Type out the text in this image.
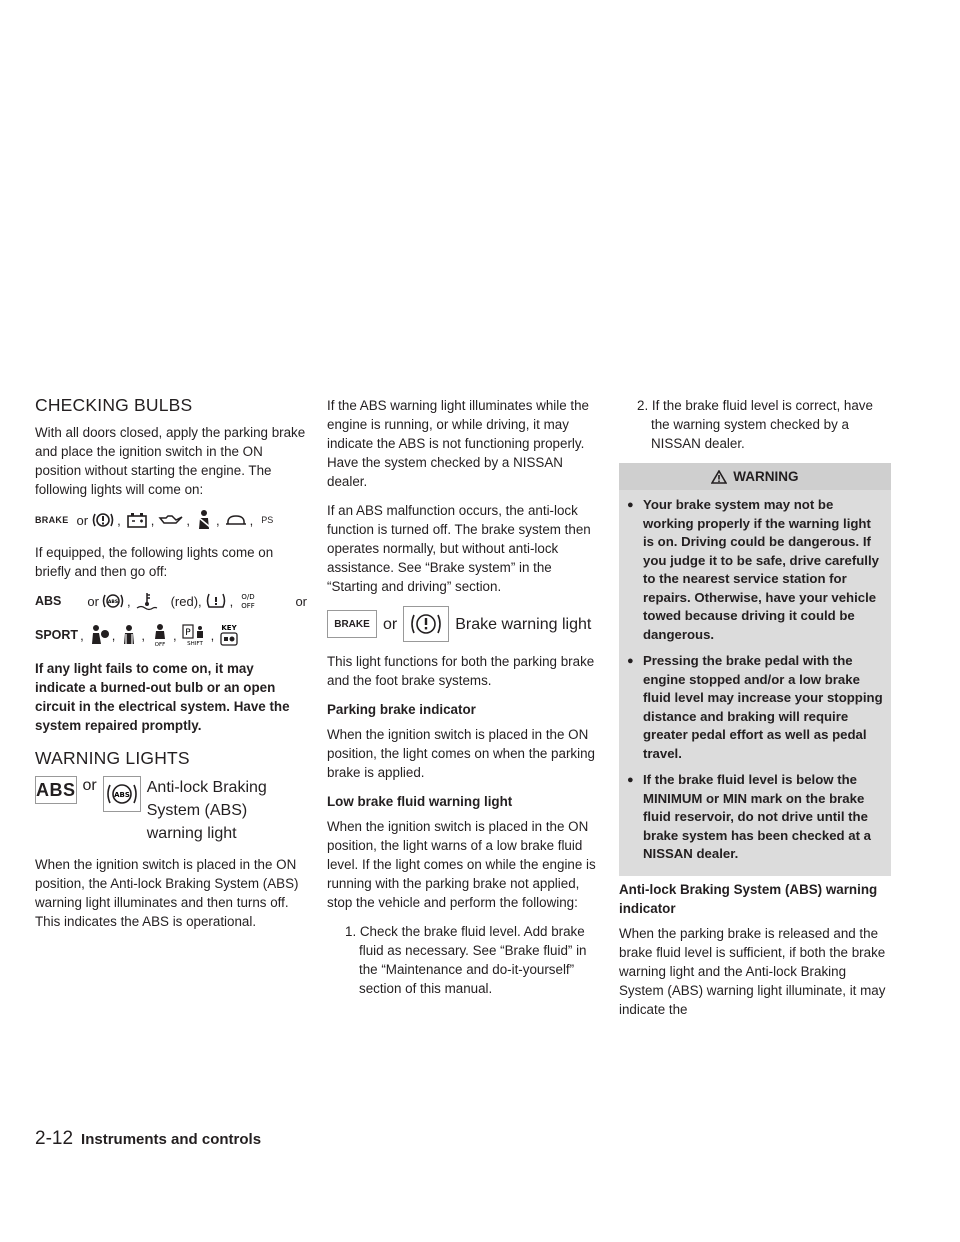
CHECKING BULBS

With all doors closed, apply the parking brake and place the ignition switch in the ON position without starting the engine. The following lights will come on:

BRAKE or , , , , , PS

If equipped, the following lights come on briefly and then go off:

ABS or ABS ,	(red), , O/D
OFF	or
SPORT , , ,
OFF
, P
SHIFT
, KEY

If any light fails to come on, it may indicate a burned-out bulb or an open circuit in the electrical system. Have the system repaired promptly.

WARNING LIGHTS
ABS or
ABS Anti-lock Braking System (ABS) warning light

When the ignition switch is placed in the ON position, the Anti-lock Braking System (ABS) warning light illuminates and then turns off. This indicates the ABS is operational.

If the ABS warning light illuminates while the engine is running, or while driving, it may indicate the ABS is not functioning properly. Have the system checked by a NISSAN dealer.

If an ABS malfunction occurs, the anti-lock function is turned off. The brake system then operates normally, but without anti-lock assistance. See “Brake system” in the “Starting and driving” section.

BRAKE or	Brake warning light

This light functions for both the parking brake and the foot brake systems.

Parking brake indicator

When the ignition switch is placed in the ON position, the light comes on when the parking brake is applied.

Low brake fluid warning light

When the ignition switch is placed in the ON position, the light warns of a low brake fluid level. If the light comes on while the engine is running with the parking brake not applied, stop the vehicle and perform the following:

1. Check the brake fluid level. Add brake fluid as necessary. See “Brake fluid” in the “Maintenance and do-it-yourself” section of this manual.

2. If the brake fluid level is correct, have the warning system checked by a NISSAN dealer.

WARNING
● Your brake system may not be working properly if the warning light is on. Driving could be dangerous. If you judge it to be safe, drive carefully to the nearest service station for repairs. Otherwise, have your vehicle towed because driving it could be dangerous.
● Pressing the brake pedal with the engine stopped and/or a low brake fluid level may increase your stopping distance and braking will require greater pedal effort as well as pedal travel.
● If the brake fluid level is below the MINIMUM or MIN mark on the brake fluid reservoir, do not drive until the brake system has been checked at a NISSAN dealer.

Anti-lock Braking System (ABS) warning indicator

When the parking brake is released and the brake fluid level is sufficient, if both the brake warning light and the Anti-lock Braking System (ABS) warning light illuminate, it may indicate the

2-12 Instruments and controls
